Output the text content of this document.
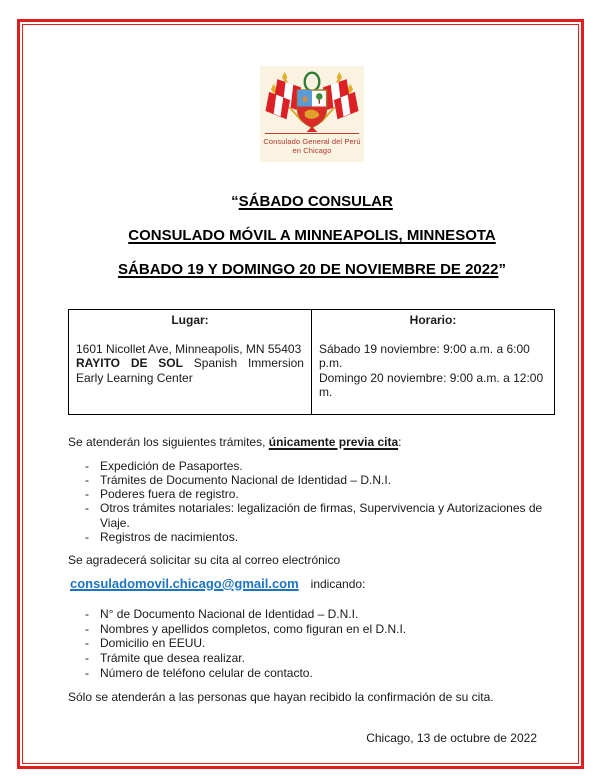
Consulado General del Perú
en Chicago
“SÁBADO CONSULAR
CONSULADO MÓVIL A MINNEAPOLIS, MINNESOTA
SÁBADO 19 Y DOMINGO 20 DE NOVIEMBRE DE 2022”
Lugar:
1601 Nicollet Ave, Minneapolis, MN 55403
RAYITO DE SOL Spanish Immersion Early Learning Center

Horario:
Sábado 19 noviembre: 9:00 a.m. a 6:00 p.m.
Domingo 20 noviembre: 9:00 a.m. a 12:00 m.

Se atenderán los siguientes trámites, únicamente previa cita:

- Expedición de Pasaportes.
- Trámites de Documento Nacional de Identidad – D.N.I.
- Poderes fuera de registro.
- Otros trámites notariales: legalización de firmas, Supervivencia y Autorizaciones de Viaje.
- Registros de nacimientos.

Se agradecerá solicitar su cita al correo electrónico

consuladomovil.chicago@gmail.com indicando:

- N° de Documento Nacional de Identidad – D.N.I.
- Nombres y apellidos completos, como figuran en el D.N.I.
- Domicilio en EEUU.
- Trámite que desea realizar.
- Número de teléfono celular de contacto.

Sólo se atenderán a las personas que hayan recibido la confirmación de su cita.

Chicago, 13 de octubre de 2022
